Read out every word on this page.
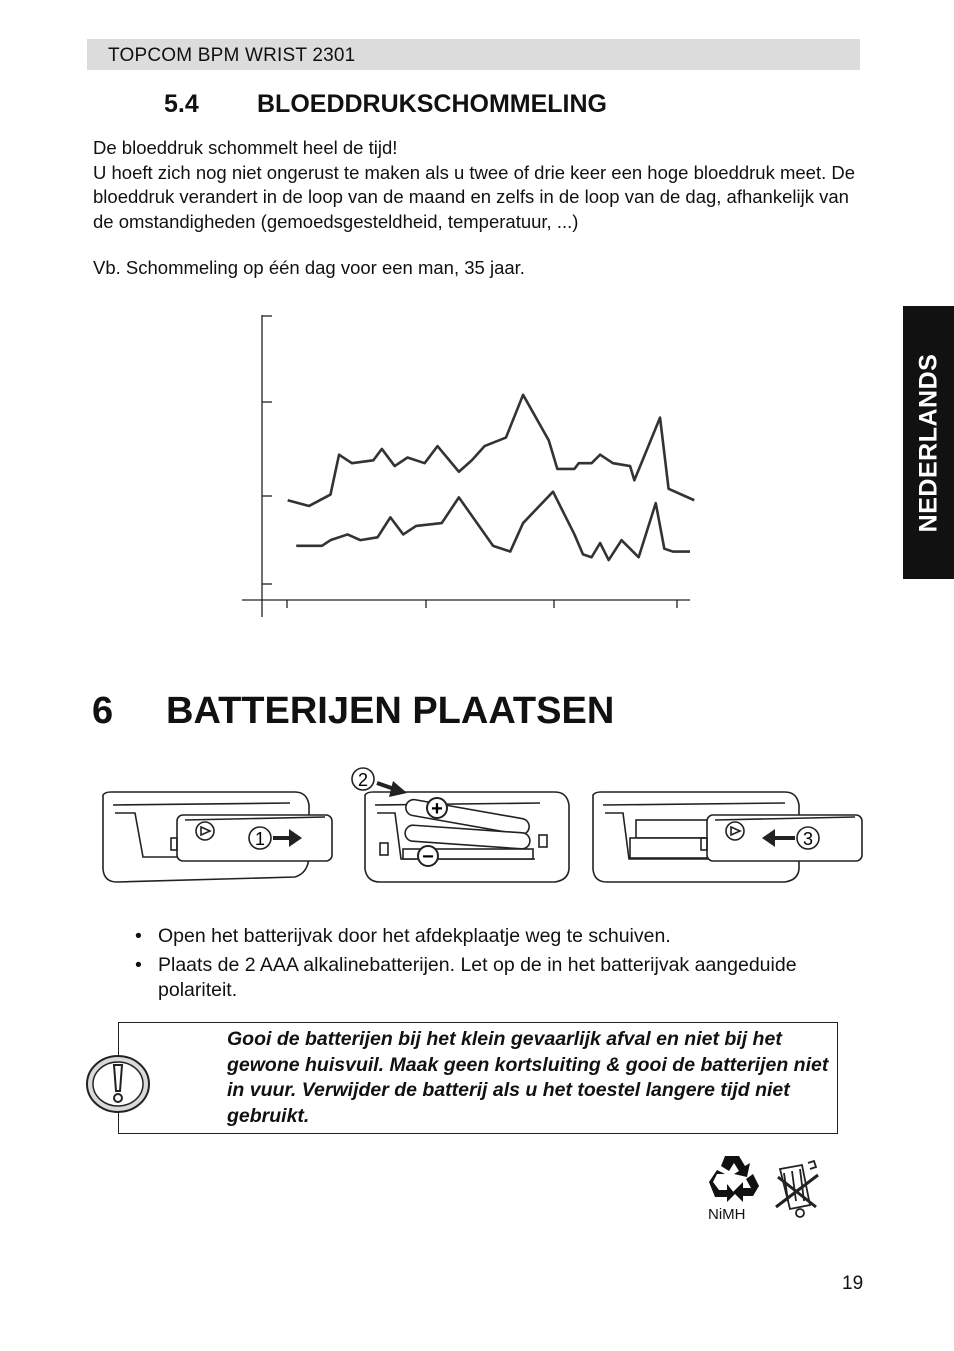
TOPCOM BPM WRIST 2301
5.4 BLOEDDRUKSCHOMMELING

De bloeddruk schommelt heel de tijd!

U hoeft zich nog niet ongerust te maken als u twee of drie keer een hoge bloeddruk meet. De bloeddruk verandert in de loop van de maand en zelfs in de loop van de dag, afhankelijk van de omstandigheden (gemoedsgesteldheid, temperatuur, ...)

Vb. Schommeling op één dag voor een man, 35 jaar.
NEDERLANDS
6 BATTERIJEN PLAATSEN
1
2
+
−
3
• Open het batterijvak door het afdekplaatje weg te schuiven.
• Plaats de 2 AAA alkalinebatterijen. Let op de in het batterijvak aangeduide polariteit.
Gooi de batterijen bij het klein gevaarlijk afval en niet bij het gewone huisvuil. Maak geen kortsluiting & gooi de batterijen niet in vuur. Verwijder de batterij als u het toestel langere tijd niet gebruikt.
NiMH
19
